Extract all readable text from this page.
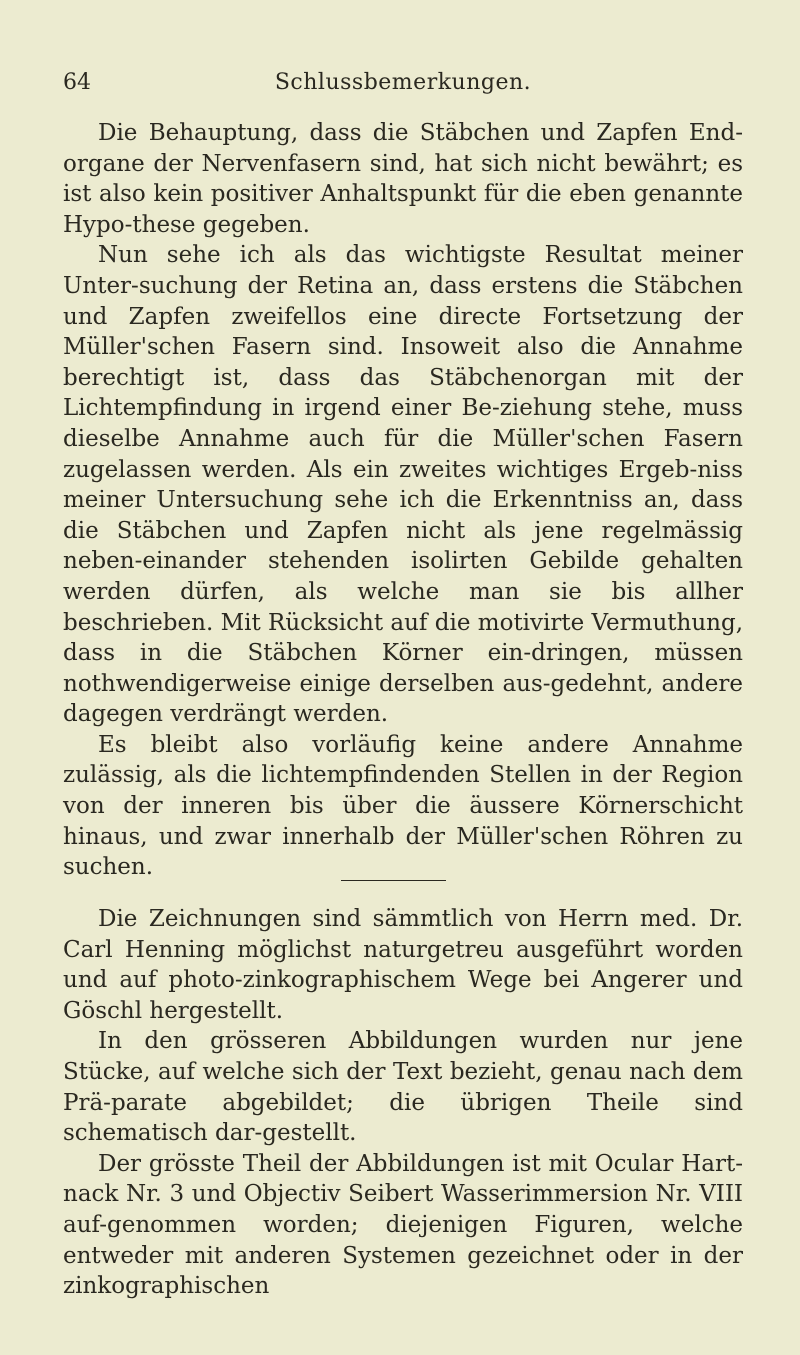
64	Schlussbemerkungen.

Die Behauptung, dass die Stäbchen und Zapfen End-organe der Nervenfasern sind, hat sich nicht bewährt; es ist also kein positiver Anhaltspunkt für die eben genannte Hypo-these gegeben.

Nun sehe ich als das wichtigste Resultat meiner Unter-suchung der Retina an, dass erstens die Stäbchen und Zapfen zweifellos eine directe Fortsetzung der Müller'schen Fasern sind. Insoweit also die Annahme berechtigt ist, dass das Stäbchenorgan mit der Lichtempfindung in irgend einer Be-ziehung stehe, muss dieselbe Annahme auch für die Müller'schen Fasern zugelassen werden. Als ein zweites wichtiges Ergeb-niss meiner Untersuchung sehe ich die Erkenntniss an, dass die Stäbchen und Zapfen nicht als jene regelmässig neben-einander stehenden isolirten Gebilde gehalten werden dürfen, als welche man sie bis allher beschrieben. Mit Rücksicht auf die motivirte Vermuthung, dass in die Stäbchen Körner ein-dringen, müssen nothwendigerweise einige derselben aus-gedehnt, andere dagegen verdrängt werden.

Es bleibt also vorläufig keine andere Annahme zulässig, als die lichtempfindenden Stellen in der Region von der inneren bis über die äussere Körnerschicht hinaus, und zwar innerhalb der Müller'schen Röhren zu suchen.

Die Zeichnungen sind sämmtlich von Herrn med. Dr. Carl Henning möglichst naturgetreu ausgeführt worden und auf photo-zinkographischem Wege bei Angerer und Göschl hergestellt.

In den grösseren Abbildungen wurden nur jene Stücke, auf welche sich der Text bezieht, genau nach dem Prä-parate abgebildet; die übrigen Theile sind schematisch dar-gestellt.

Der grösste Theil der Abbildungen ist mit Ocular Hart-nack Nr. 3 und Objectiv Seibert Wasserimmersion Nr. VIII auf-genommen worden; diejenigen Figuren, welche entweder mit anderen Systemen gezeichnet oder in der zinkographischen
